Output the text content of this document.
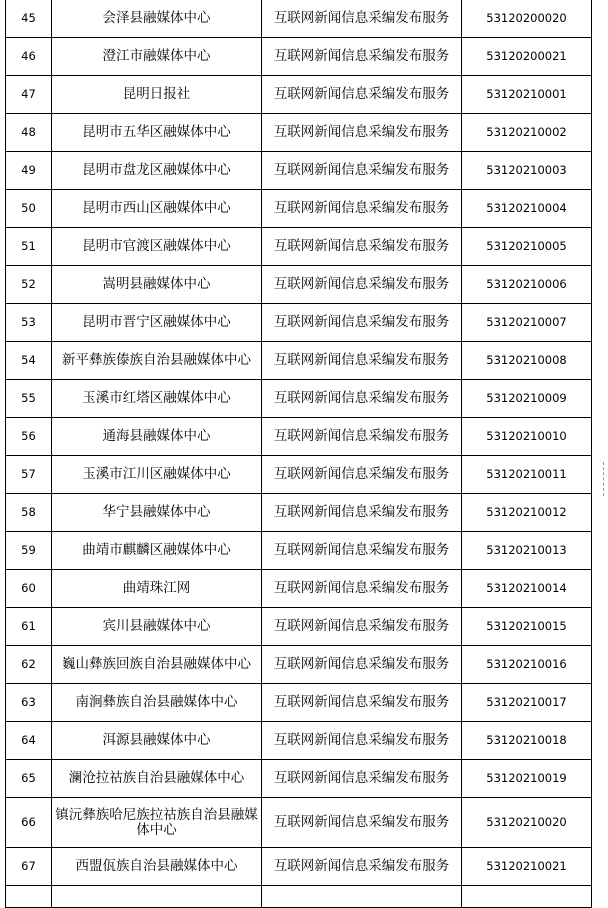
45	会泽县融媒体中心	互联网新闻信息采编发布服务	53120200020
46	澄江市融媒体中心	互联网新闻信息采编发布服务	53120200021
47	昆明日报社	互联网新闻信息采编发布服务	53120210001
48	昆明市五华区融媒体中心	互联网新闻信息采编发布服务	53120210002
49	昆明市盘龙区融媒体中心	互联网新闻信息采编发布服务	53120210003
50	昆明市西山区融媒体中心	互联网新闻信息采编发布服务	53120210004
51	昆明市官渡区融媒体中心	互联网新闻信息采编发布服务	53120210005
52	嵩明县融媒体中心	互联网新闻信息采编发布服务	53120210006
53	昆明市晋宁区融媒体中心	互联网新闻信息采编发布服务	53120210007
54	新平彝族傣族自治县融媒体中心	互联网新闻信息采编发布服务	53120210008
55	玉溪市红塔区融媒体中心	互联网新闻信息采编发布服务	53120210009
56	通海县融媒体中心	互联网新闻信息采编发布服务	53120210010
57	玉溪市江川区融媒体中心	互联网新闻信息采编发布服务	53120210011
58	华宁县融媒体中心	互联网新闻信息采编发布服务	53120210012
59	曲靖市麒麟区融媒体中心	互联网新闻信息采编发布服务	53120210013
60	曲靖珠江网	互联网新闻信息采编发布服务	53120210014
61	宾川县融媒体中心	互联网新闻信息采编发布服务	53120210015
62	巍山彝族回族自治县融媒体中心	互联网新闻信息采编发布服务	53120210016
63	南涧彝族自治县融媒体中心	互联网新闻信息采编发布服务	53120210017
64	洱源县融媒体中心	互联网新闻信息采编发布服务	53120210018
65	澜沧拉祜族自治县融媒体中心	互联网新闻信息采编发布服务	53120210019
66	镇沅彝族哈尼族拉祜族自治县融媒体中心	互联网新闻信息采编发布服务	53120210020
67	西盟佤族自治县融媒体中心	互联网新闻信息采编发布服务	53120210021
